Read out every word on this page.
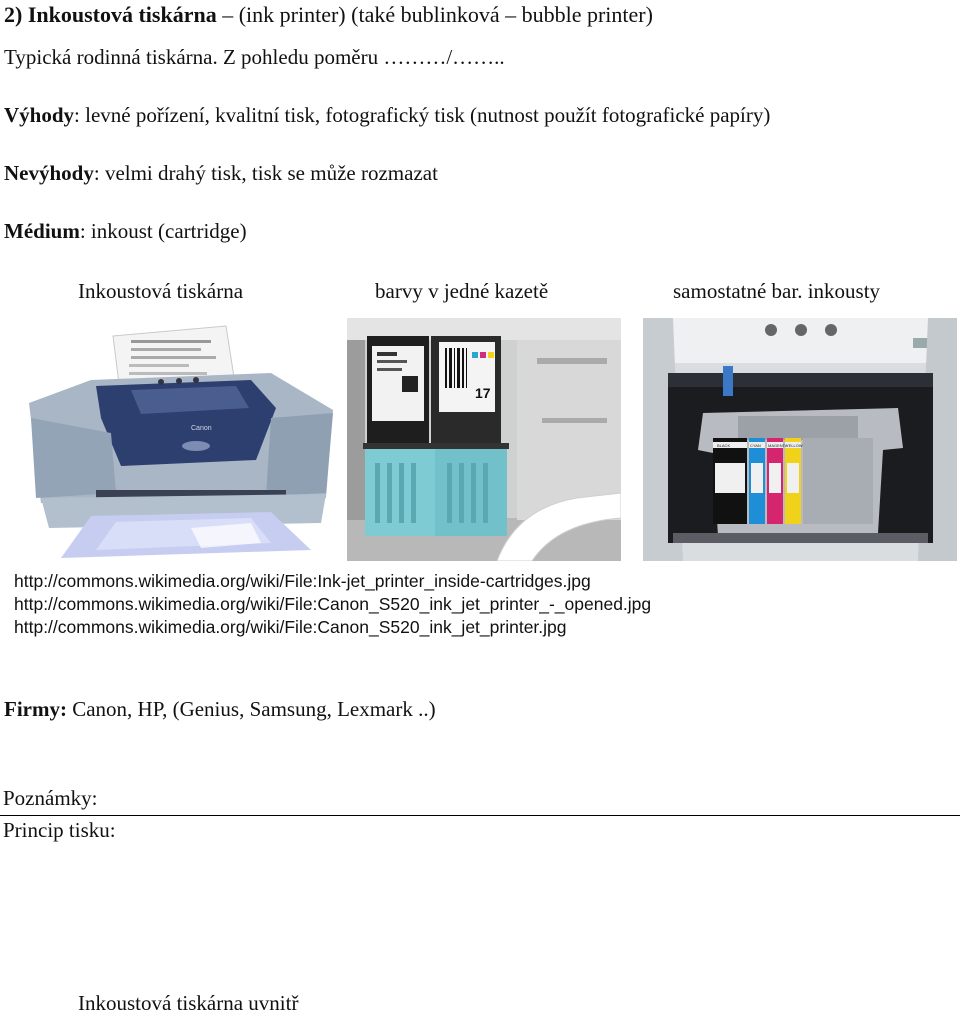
2) Inkoustová tiskárna – (ink printer) (také bublinková – bubble printer)
Typická rodinná tiskárna. Z pohledu poměru ………/……..
Výhody: levné pořízení, kvalitní tisk, fotografický tisk (nutnost použít fotografické papíry)
Nevýhody: velmi drahý tisk, tisk se může rozmazat
Médium: inkoust (cartridge)
Inkoustová tiskárna	barvy v jedné kazetě	samostatné bar. inkousty
Canon
17
BLACK	CYAN MAGENTA
YELLOW
http://commons.wikimedia.org/wiki/File:Ink-jet_printer_inside-cartridges.jpg
http://commons.wikimedia.org/wiki/File:Canon_S520_ink_jet_printer_-_opened.jpg
http://commons.wikimedia.org/wiki/File:Canon_S520_ink_jet_printer.jpg
Firmy: Canon, HP, (Genius, Samsung, Lexmark ..)
Poznámky:
Princip tisku:
Inkoustová tiskárna uvnitř
